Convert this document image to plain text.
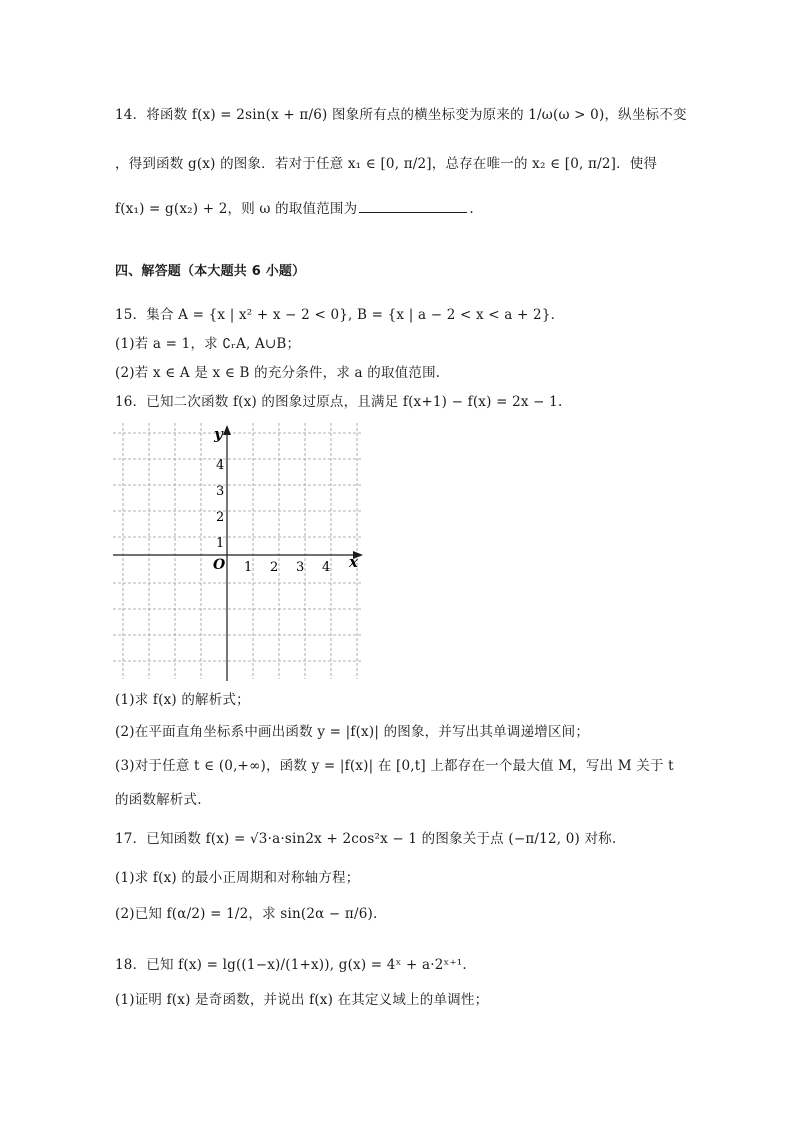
14．将函数 f(x) = 2sin(x + π/6) 图象所有点的横坐标变为原来的 1/ω(ω > 0)，纵坐标不变
，得到函数 g(x) 的图象．若对于任意 x₁ ∈ [0, π/2]，总存在唯一的 x₂ ∈ [0, π/2]．使得
f(x₁) = g(x₂) + 2，则 ω 的取值范围为	.
四、解答题（本大题共 6 小题）
15．集合 A = {x | x² + x − 2 < 0}, B = {x | a − 2 < x < a + 2}．
(1)若 a = 1，求 ∁ᵣA, A∪B；
(2)若 x ∈ A 是 x ∈ B 的充分条件，求 a 的取值范围.
16．已知二次函数 f(x) 的图象过原点，且满足 f(x+1) − f(x) = 2x − 1.
x
y
O 1 2 3 4
1
2
3
4
(1)求 f(x) 的解析式；
(2)在平面直角坐标系中画出函数 y = |f(x)| 的图象，并写出其单调递增区间；
(3)对于任意 t ∈ (0,+∞)，函数 y = |f(x)| 在 [0,t] 上都存在一个最大值 M，写出 M 关于 t
的函数解析式.
17．已知函数 f(x) = √3·a·sin2x + 2cos²x − 1 的图象关于点 (−π/12, 0) 对称.
(1)求 f(x) 的最小正周期和对称轴方程；
(2)已知 f(α/2) = 1/2，求 sin(2α − π/6).
18．已知 f(x) = lg((1−x)/(1+x)), g(x) = 4ˣ + a·2ˣ⁺¹.
(1)证明 f(x) 是奇函数，并说出 f(x) 在其定义域上的单调性；
